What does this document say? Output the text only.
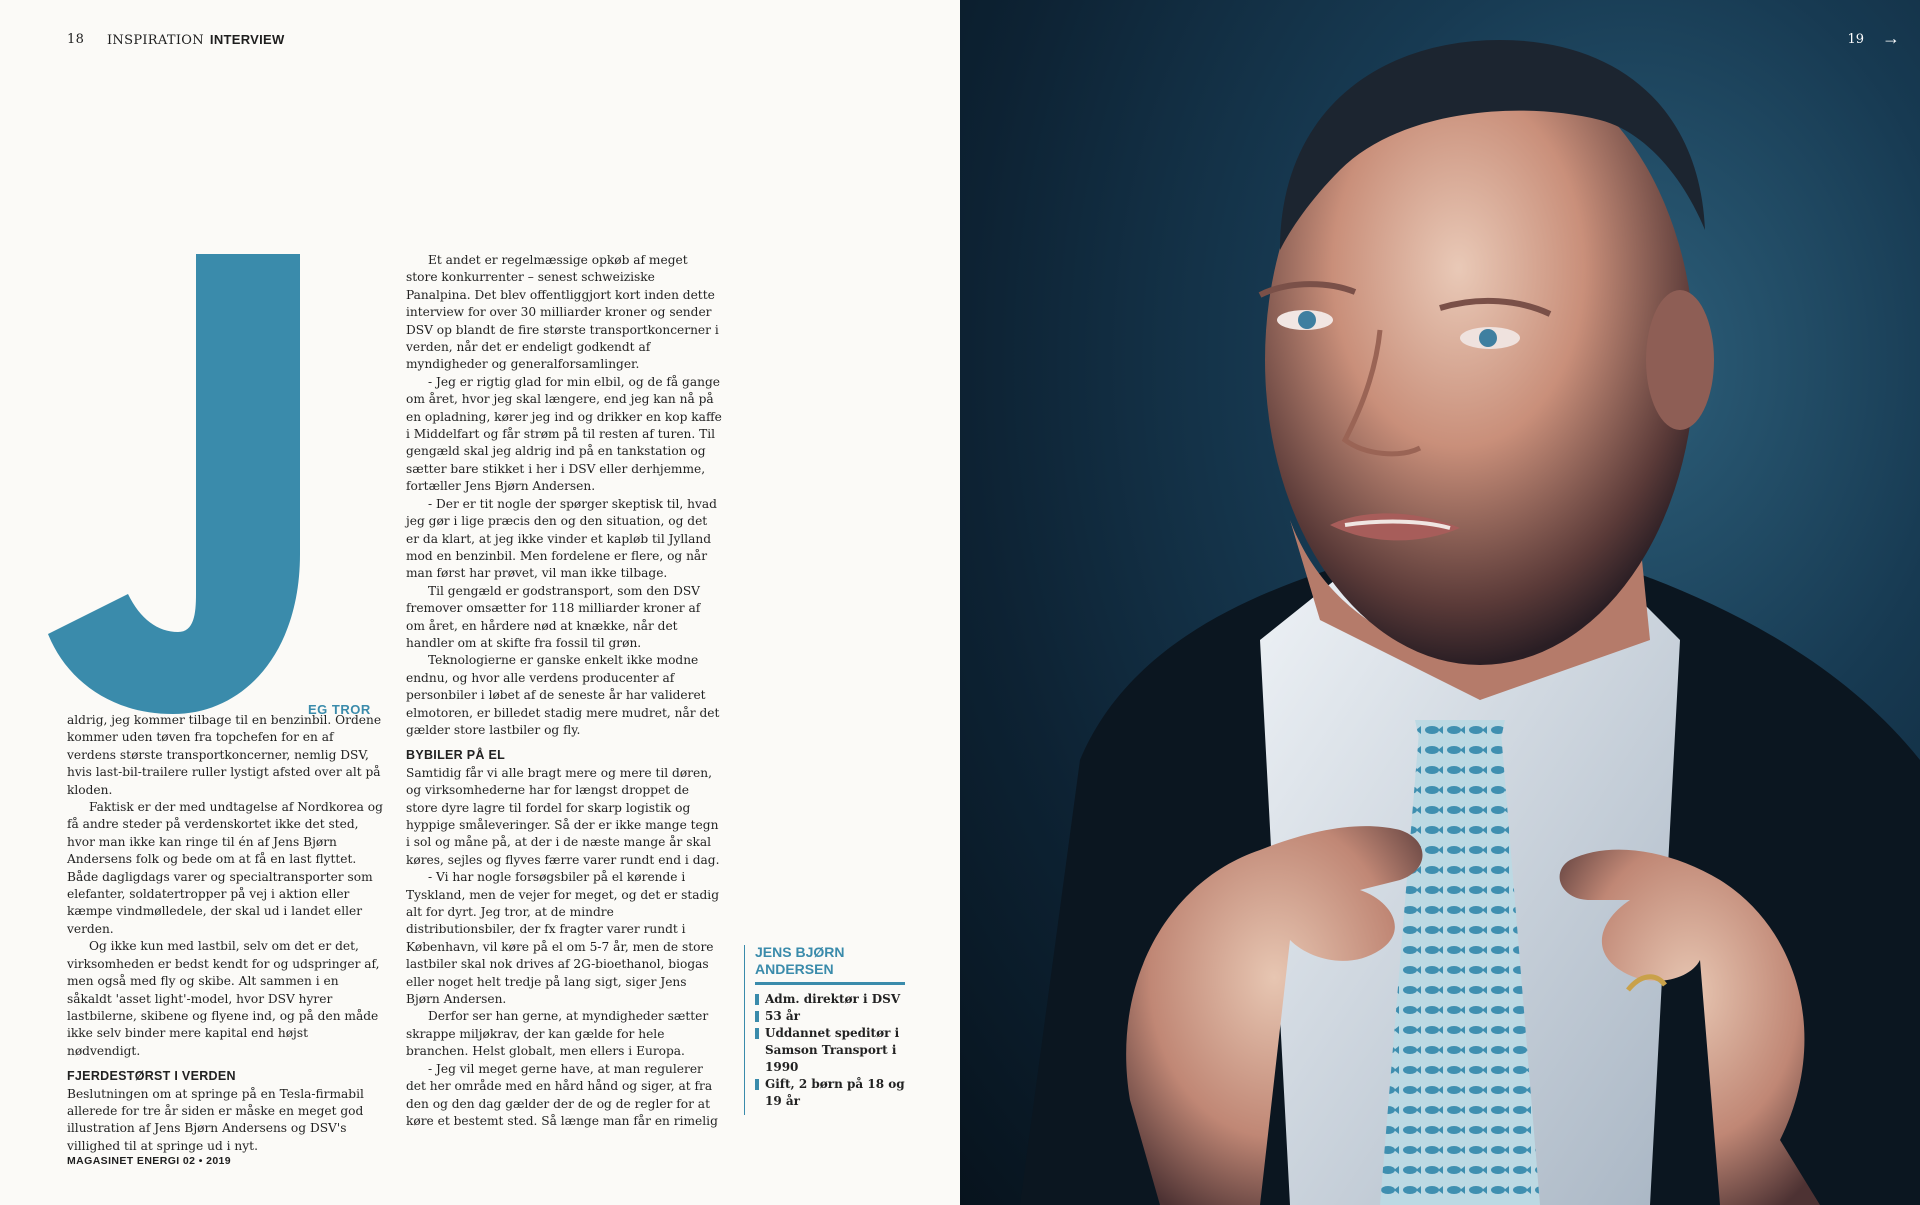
18 INSPIRATION INTERVIEW
EG TROR

aldrig, jeg kommer tilbage til en benzinbil. Ordene kommer uden tøven fra topchefen for en af verdens største transportkoncerner, nemlig DSV, hvis last-bil-trailere ruller lystigt afsted over alt på kloden.

Faktisk er der med undtagelse af Nordkorea og få andre steder på verdenskortet ikke det sted, hvor man ikke kan ringe til én af Jens Bjørn Andersens folk og bede om at få en last flyttet. Både dagligdags varer og specialtransporter som elefanter, soldatertropper på vej i aktion eller kæmpe vindmølledele, der skal ud i landet eller verden.

Og ikke kun med lastbil, selv om det er det, virksomheden er bedst kendt for og udspringer af, men også med fly og skibe. Alt sammen i en såkaldt 'asset light'-model, hvor DSV hyrer lastbilerne, skibene og flyene ind, og på den måde ikke selv binder mere kapital end højst nødvendigt.

FJERDESTØRST I VERDEN

Beslutningen om at springe på en Tesla-firmabil allerede for tre år siden er måske en meget god illustration af Jens Bjørn Andersens og DSV's villighed til at springe ud i nyt.

Et andet er regelmæssige opkøb af meget store konkurrenter – senest schweiziske Panalpina. Det blev offentliggjort kort inden dette interview for over 30 milliarder kroner og sender DSV op blandt de fire største transportkoncerner i verden, når det er endeligt godkendt af myndigheder og generalforsamlinger.

- Jeg er rigtig glad for min elbil, og de få gange om året, hvor jeg skal længere, end jeg kan nå på en opladning, kører jeg ind og drikker en kop kaffe i Middelfart og får strøm på til resten af turen. Til gengæld skal jeg aldrig ind på en tankstation og sætter bare stikket i her i DSV eller derhjemme, fortæller Jens Bjørn Andersen.

- Der er tit nogle der spørger skeptisk til, hvad jeg gør i lige præcis den og den situation, og det er da klart, at jeg ikke vinder et kapløb til Jylland mod en benzinbil. Men fordelene er flere, og når man først har prøvet, vil man ikke tilbage.

Til gengæld er godstransport, som den DSV fremover omsætter for 118 milliarder kroner af om året, en hårdere nød at knække, når det handler om at skifte fra fossil til grøn.

Teknologierne er ganske enkelt ikke modne endnu, og hvor alle verdens producenter af personbiler i løbet af de seneste år har valideret elmotoren, er billedet stadig mere mudret, når det gælder store lastbiler og fly.

BYBILER PÅ EL

Samtidig får vi alle bragt mere og mere til døren, og virksomhederne har for længst droppet de store dyre lagre til fordel for skarp logistik og hyppige småleveringer. Så der er ikke mange tegn i sol og måne på, at der i de næste mange år skal køres, sejles og flyves færre varer rundt end i dag.

- Vi har nogle forsøgsbiler på el kørende i Tyskland, men de vejer for meget, og det er stadig alt for dyrt. Jeg tror, at de mindre distributionsbiler, der fx fragter varer rundt i København, vil køre på el om 5-7 år, men de store lastbiler skal nok drives af 2G-bioethanol, biogas eller noget helt tredje på lang sigt, siger Jens Bjørn Andersen.

Derfor ser han gerne, at myndigheder sætter skrappe miljøkrav, der kan gælde for hele branchen. Helst globalt, men ellers i Europa.

- Jeg vil meget gerne have, at man regulerer det her område med en hård hånd og siger, at fra den og den dag gælder der de og de regler for at køre et bestemt sted. Så længe man får en rimelig

JENS BJØRN ANDERSEN
Adm. direktør i DSV
53 år
Uddannet speditør i Samson Transport i 1990
Gift, 2 børn på 18 og 19 år
MAGASINET ENERGI 02 • 2019
19 →
